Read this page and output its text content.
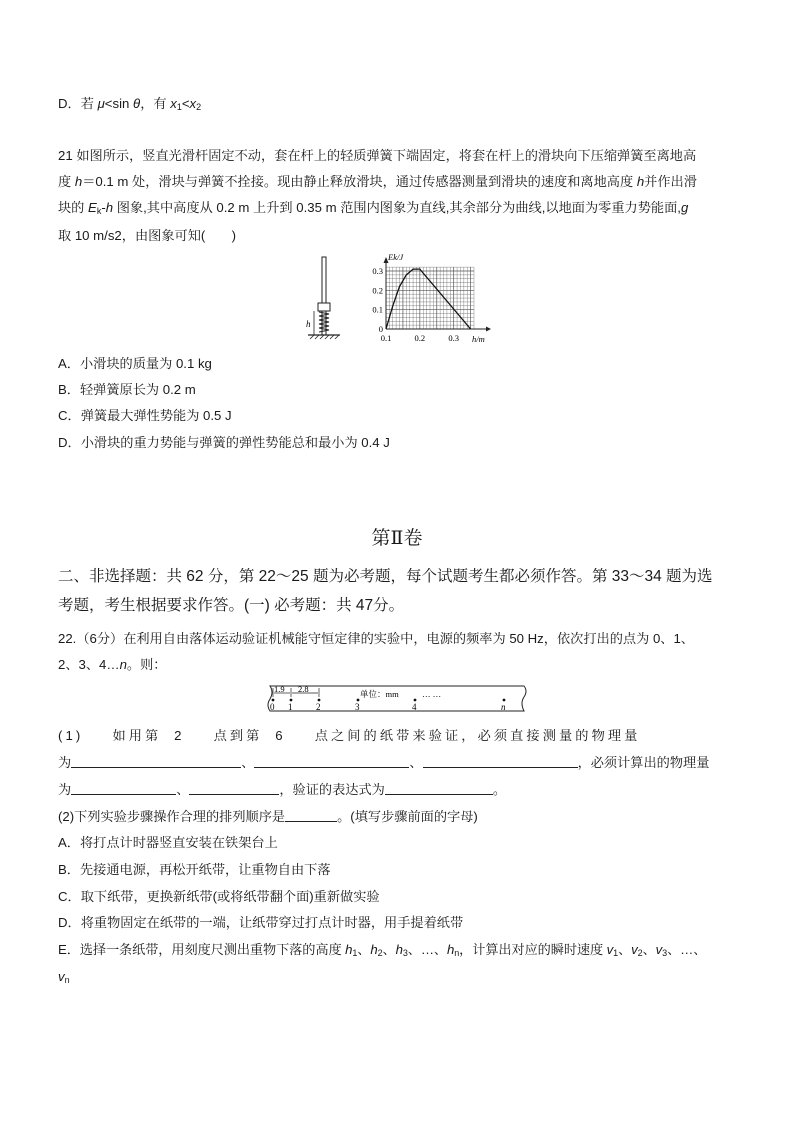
D．若 μ<sin θ，有 $x_1<x_2$
21 如图所示，竖直光滑杆固定不动，套在杆上的轻质弹簧下端固定，将套在杆上的滑块向下压缩弹簧至离地高
度 h＝0.1 m 处，滑块与弹簧不拴接。现由静止释放滑块，通过传感器测量到滑块的速度和离地高度 h并作出滑
块的 $E_k-h$ 图象,其中高度从 0.2 m 上升到 0.35 m 范围内图象为直线,其余部分为曲线,以地面为零重力势能面,g
取 10 m/s2，由图象可知(　　)
h	0
0.1
0.2
0.3
0.1	0.2	0.3
Ek/J
h/m
A．小滑块的质量为 0.1 kg
B．轻弹簧原长为 0.2 m
C．弹簧最大弹性势能为 0.5 J
D．小滑块的重力势能与弹簧的弹性势能总和最小为 0.4 J
第Ⅱ卷
二、非选择题：共 62 分，第 22～25 题为必考题，每个试题考生都必须作答。第 33～34 题为选
考题，考生根据要求作答。(一) 必考题：共 47分。
22.（6分）在利用自由落体运动验证机械能守恒定律的实验中，电源的频率为 50 Hz，依次打出的点为 0、1、
2、3、4…n。则：
1.9 2.8	单位：mm	… …
0 1	2	3	4	n
(1)　 如用第 2　 点到第 6　 点之间的纸带来验证，必须直接测量的物理量
为	、	、	，必须计算出的物理量
为	、	，验证的表达式为	。
(2)下列实验步骤操作合理的排列顺序是	。(填写步骤前面的字母)
A．将打点计时器竖直安装在铁架台上
B．先接通电源，再松开纸带，让重物自由下落
C．取下纸带，更换新纸带(或将纸带翻个面)重新做实验
D．将重物固定在纸带的一端，让纸带穿过打点计时器，用手提着纸带
E．选择一条纸带，用刻度尺测出重物下落的高度 $h_1$、$h_2$、$h_3$、…、$h_n$，计算出对应的瞬时速度 $v_1$、$v_2$、$v_3$、…、
$v_n$
